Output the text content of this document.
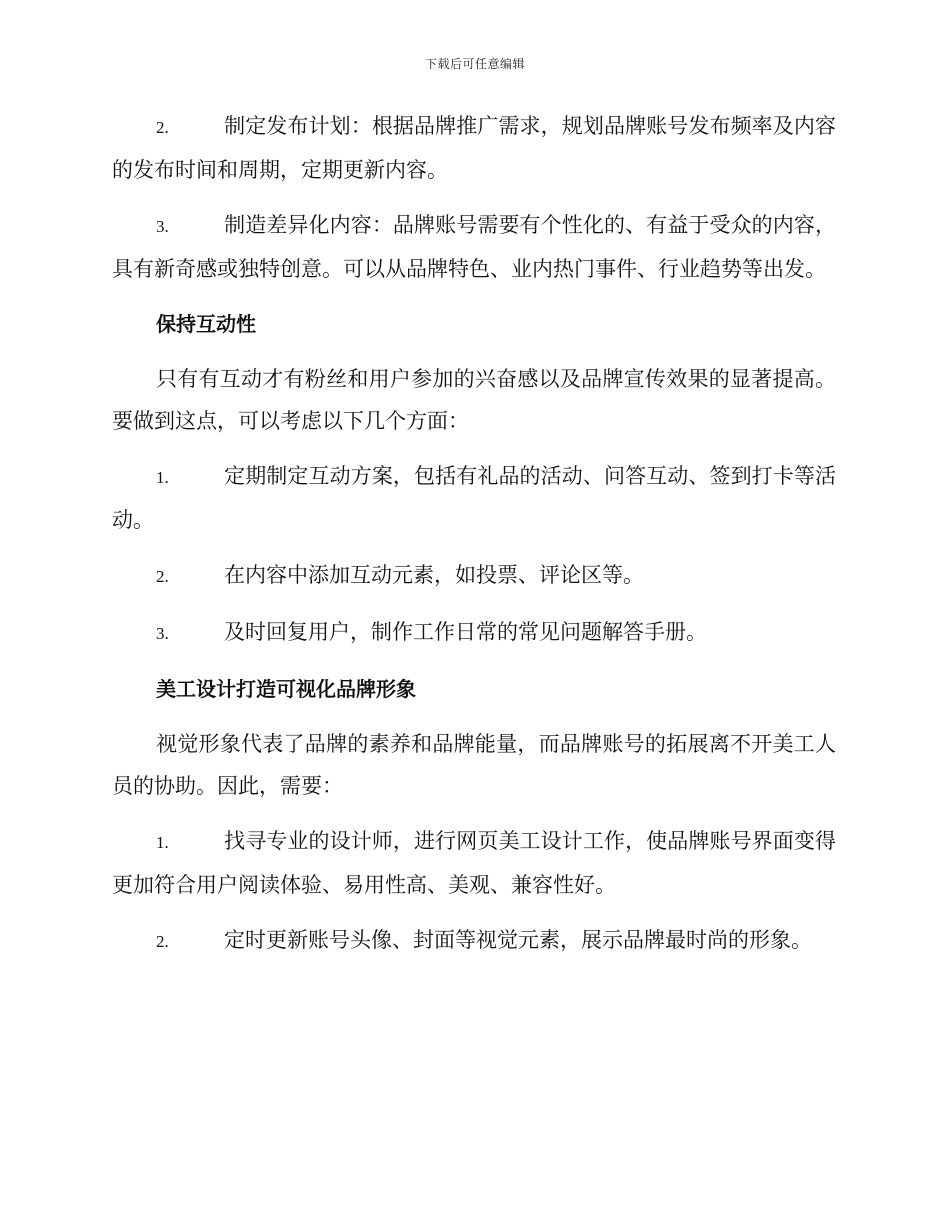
下载后可任意编辑
2.	制定发布计划：根据品牌推广需求，规划品牌账号发布频率及内容的发布时间和周期，定期更新内容。
3.	制造差异化内容：品牌账号需要有个性化的、有益于受众的内容，具有新奇感或独特创意。可以从品牌特色、业内热门事件、行业趋势等出发。
保持互动性
只有有互动才有粉丝和用户参加的兴奋感以及品牌宣传效果的显著提高。要做到这点，可以考虑以下几个方面：
1.	定期制定互动方案，包括有礼品的活动、问答互动、签到打卡等活动。
2.	在内容中添加互动元素，如投票、评论区等。
3.	及时回复用户，制作工作日常的常见问题解答手册。
美工设计打造可视化品牌形象
视觉形象代表了品牌的素养和品牌能量，而品牌账号的拓展离不开美工人员的协助。因此，需要：
1.	找寻专业的设计师，进行网页美工设计工作，使品牌账号界面变得更加符合用户阅读体验、易用性高、美观、兼容性好。
2.	定时更新账号头像、封面等视觉元素，展示品牌最时尚的形象。
